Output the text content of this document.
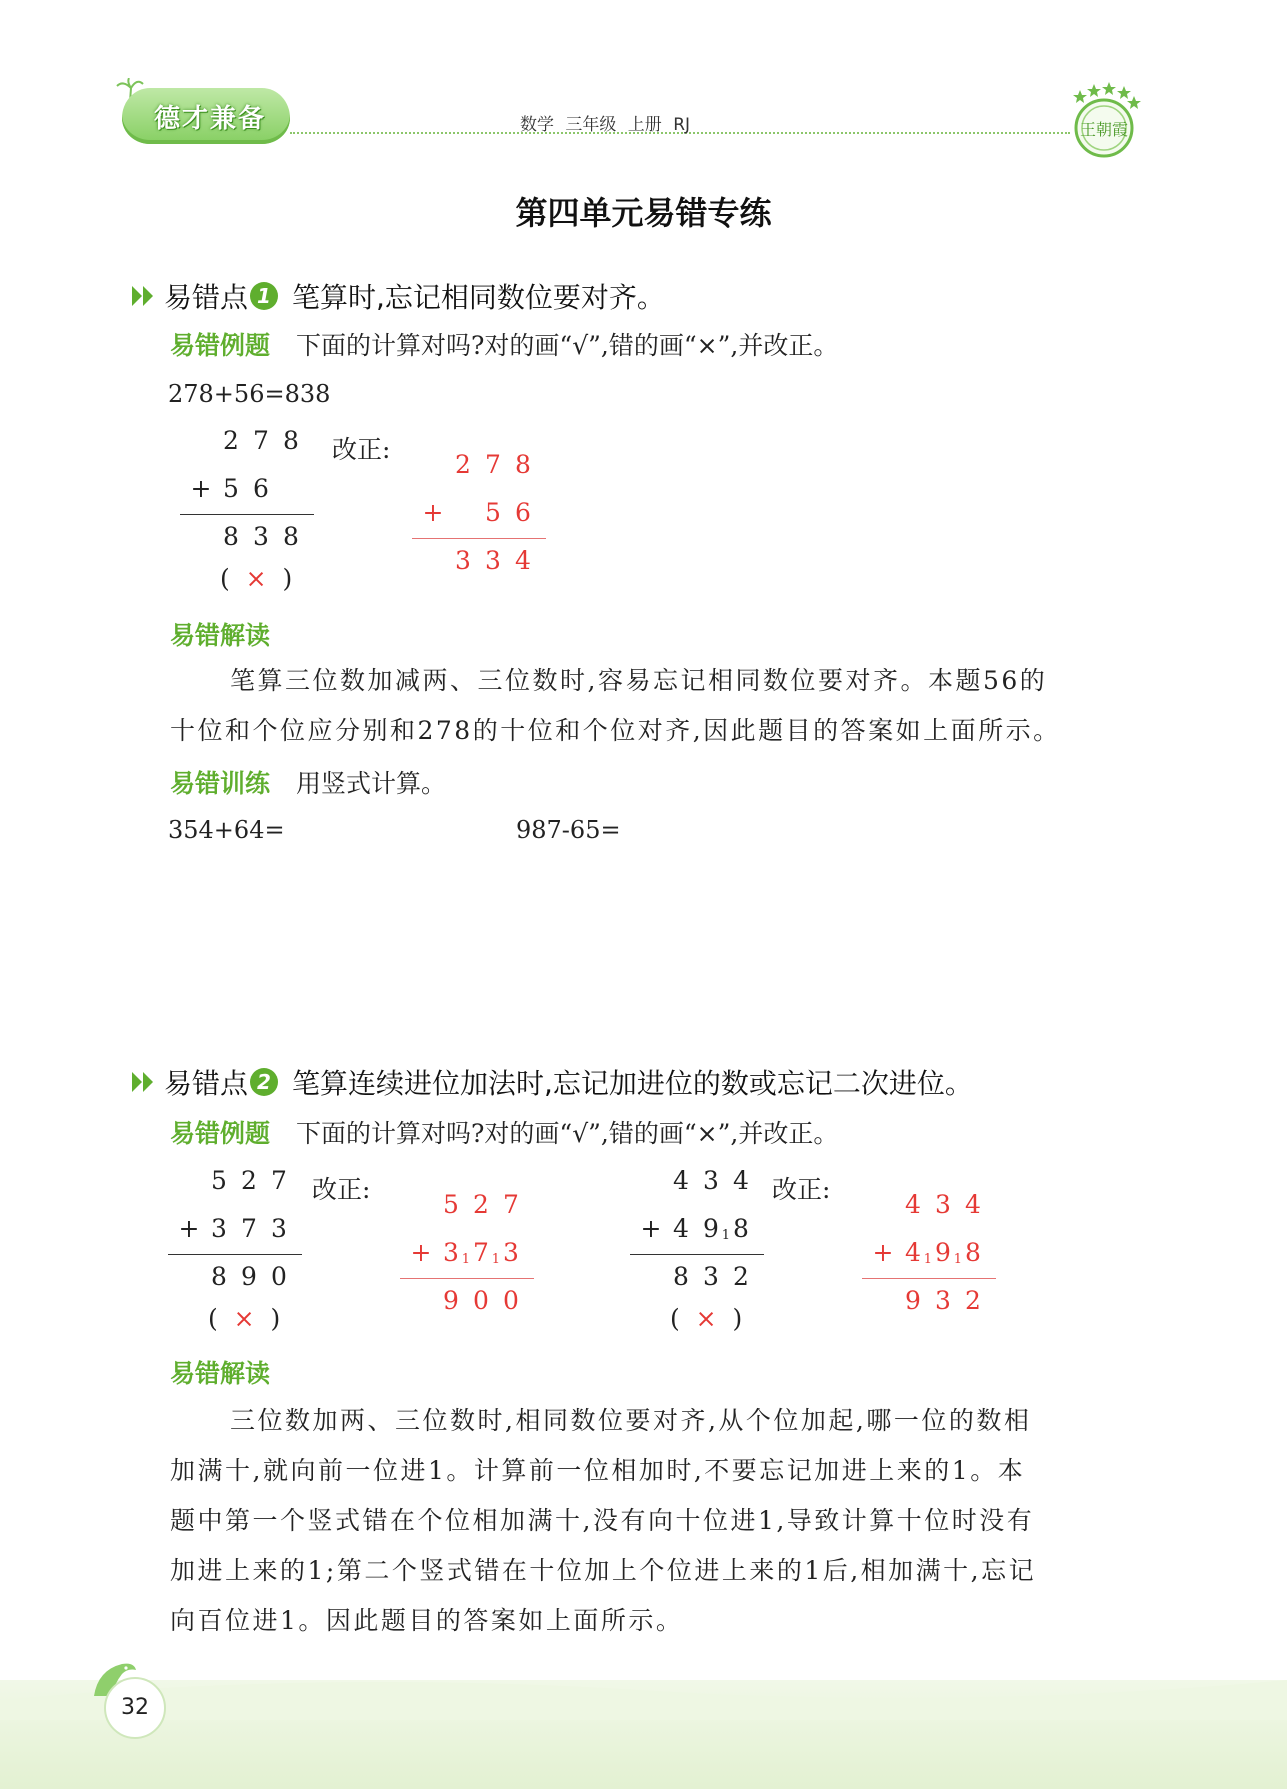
德才兼备	数学 三年级 上册 RJ	王朝霞
第四单元易错专练
易错点 1 笔算时,忘记相同数位要对齐。
易错例题 下面的计算对吗?对的画“√”,错的画“×”,并改正。
278+56=838
2 7 8
+ 5 6
8 3 8
(  ×  )
改正:
2 7 8
+ 5 6
3 3 4
易错解读
笔算三位数加减两、三位数时,容易忘记相同数位要对齐。本题56的
十位和个位应分别和278的十位和个位对齐,因此题目的答案如上面所示。
易错训练 用竖式计算。
354+64=	987-65=
易错点 2 笔算连续进位加法时,忘记加进位的数或忘记二次进位。
易错例题 下面的计算对吗?对的画“√”,错的画“×”,并改正。
5 2 7
+ 3 7 3
8 9 0
(  ×  )
改正:
5 2 7
+ 3 1 7 1 3
9 0 0
4 3 4
+ 4 9 1 8
8 3 2
(  ×  )
改正:
4 3 4
+ 4 1 9 1 8
9 3 2
易错解读
三位数加两、三位数时,相同数位要对齐,从个位加起,哪一位的数相
加满十,就向前一位进1。计算前一位相加时,不要忘记加进上来的1。本
题中第一个竖式错在个位相加满十,没有向十位进1,导致计算十位时没有
加进上来的1;第二个竖式错在十位加上个位进上来的1后,相加满十,忘记
向百位进1。因此题目的答案如上面所示。
32
